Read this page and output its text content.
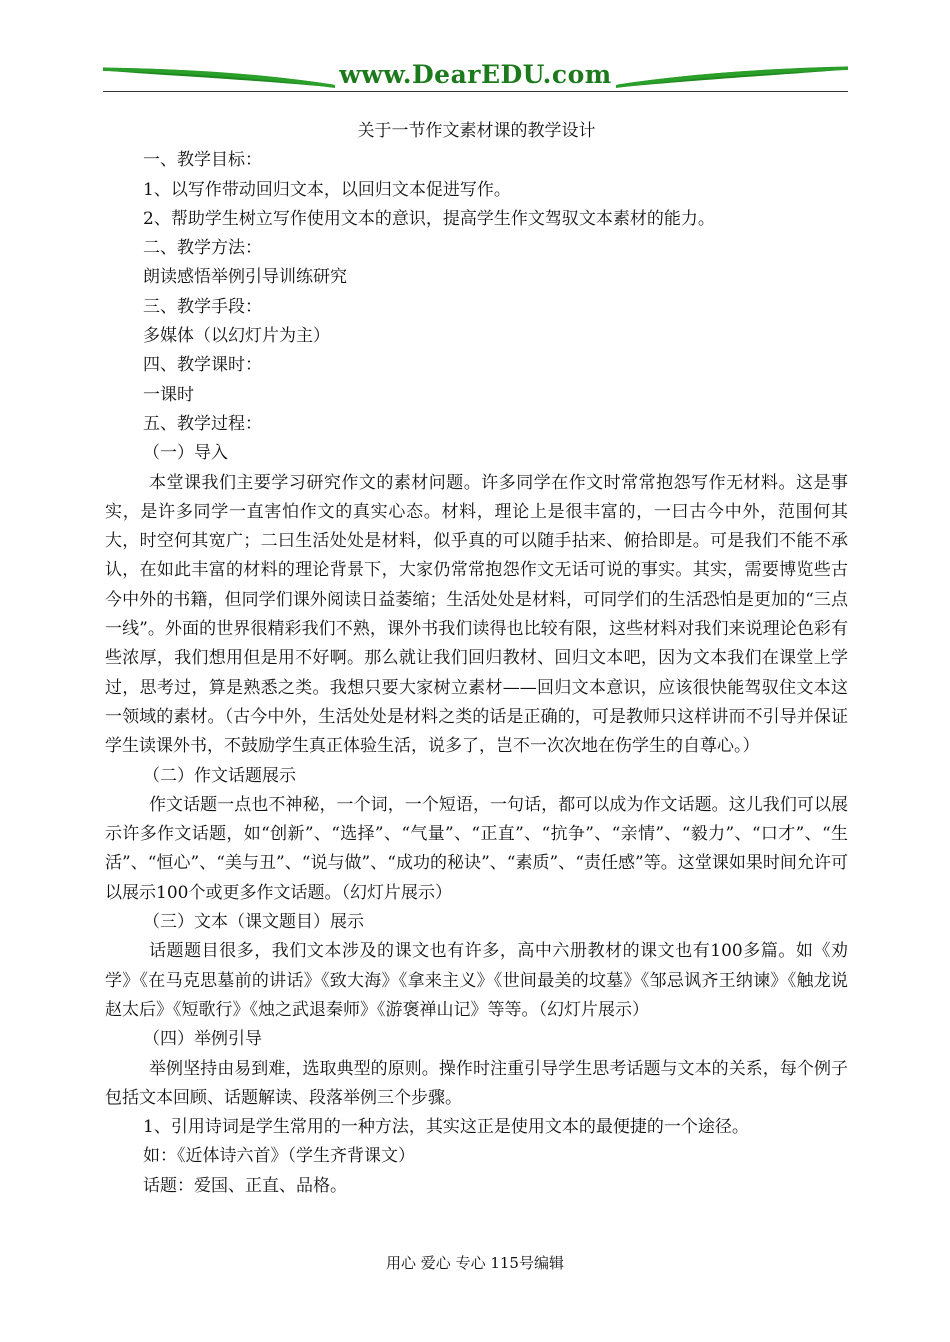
www.DearEDU.com

关于一节作文素材课的教学设计

一、教学目标：

1、以写作带动回归文本，以回归文本促进写作。

2、帮助学生树立写作使用文本的意识，提高学生作文驾驭文本素材的能力。

二、教学方法：

朗读感悟举例引导训练研究

三、教学手段：

多媒体（以幻灯片为主）

四、教学课时：

一课时

五、教学过程：

（一）导入

本堂课我们主要学习研究作文的素材问题。许多同学在作文时常常抱怨写作无材料。这是事实，是许多同学一直害怕作文的真实心态。材料，理论上是很丰富的，一曰古今中外，范围何其大，时空何其宽广；二曰生活处处是材料，似乎真的可以随手拈来、俯拾即是。可是我们不能不承认，在如此丰富的材料的理论背景下，大家仍常常抱怨作文无话可说的事实。其实，需要博览些古今中外的书籍，但同学们课外阅读日益萎缩；生活处处是材料，可同学们的生活恐怕是更加的“三点一线”。外面的世界很精彩我们不熟，课外书我们读得也比较有限，这些材料对我们来说理论色彩有些浓厚，我们想用但是用不好啊。那么就让我们回归教材、回归文本吧，因为文本我们在课堂上学过，思考过，算是熟悉之类。我想只要大家树立素材——回归文本意识，应该很快能驾驭住文本这一领域的素材。（古今中外，生活处处是材料之类的话是正确的，可是教师只这样讲而不引导并保证学生读课外书，不鼓励学生真正体验生活，说多了，岂不一次次地在伤学生的自尊心。）

（二）作文话题展示

作文话题一点也不神秘，一个词，一个短语，一句话，都可以成为作文话题。这儿我们可以展示许多作文话题，如“创新”、“选择”、“气量”、“正直”、“抗争”、“亲情”、“毅力”、“口才”、“生活”、“恒心”、“美与丑”、“说与做”、“成功的秘诀”、“素质”、“责任感”等。这堂课如果时间允许可以展示100个或更多作文话题。（幻灯片展示）

（三）文本（课文题目）展示

话题题目很多，我们文本涉及的课文也有许多，高中六册教材的课文也有100多篇。如《劝学》《在马克思墓前的讲话》《致大海》《拿来主义》《世间最美的坟墓》《邹忌讽齐王纳谏》《触龙说赵太后》《短歌行》《烛之武退秦师》《游褒禅山记》等等。（幻灯片展示）

（四）举例引导

举例坚持由易到难，选取典型的原则。操作时注重引导学生思考话题与文本的关系，每个例子包括文本回顾、话题解读、段落举例三个步骤。

1、引用诗词是学生常用的一种方法，其实这正是使用文本的最便捷的一个途径。

如：《近体诗六首》（学生齐背课文）

话题：爱国、正直、品格。

用心 爱心 专心 115号编辑
